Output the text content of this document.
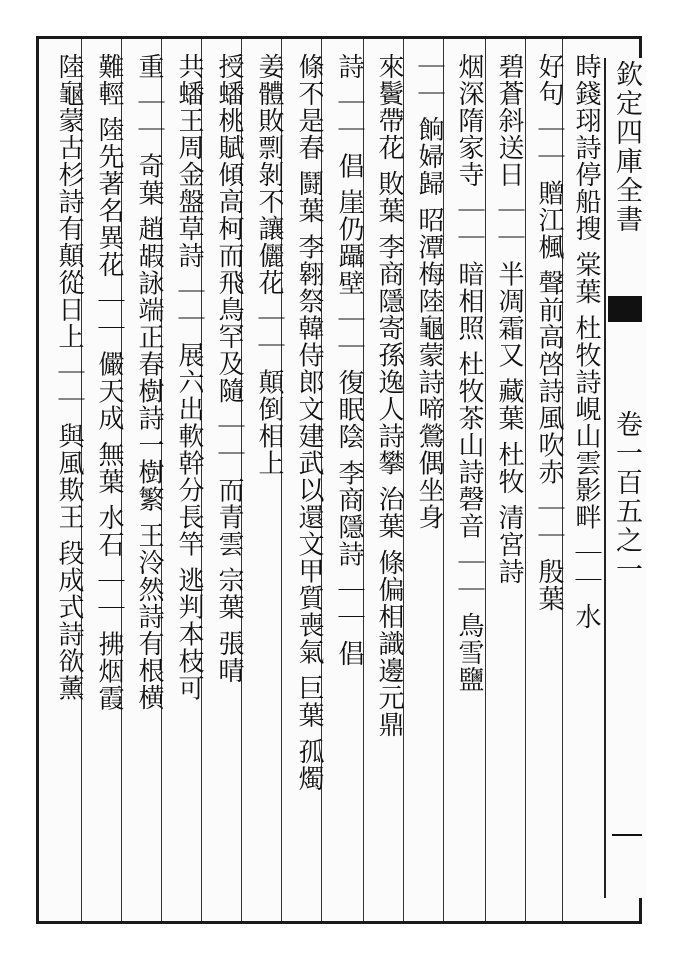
時錢珝詩停船搜 棠葉 杜牧詩峴山雲影畔 ｜｜ 水
好句 ｜｜ 贈江楓 聲前高啓詩風吹赤 ｜｜ 殷葉
碧蒼斜送日 ｜｜ 半凋霜又 藏葉 杜牧 清宮詩
烟深隋家寺 ｜｜ 暗相照 杜牧茶山詩磬音 ｜｜ 鳥雪鹽
｜｜ 餉婦歸 昭潭梅陸龜蒙詩啼鶯偶坐身
來鬢帶花 敗葉 李商隱寄孫逸人詩攀 治葉 條偏相識邊元鼎
詩 ｜｜ 倡 崖仍躡壁 ｜｜ 復眠陰 李商隱詩 ｜｜ 倡
條不是春 鬪葉 李翱祭韓侍郎文建武以還文甲質喪氣 巨葉 孤燭
姜體敗剽剝不讓儷花 ｜｜ 顛倒相上
授蟠桃賦傾高柯而飛鳥罕及隨 ｜｜ 而青雲 宗葉 張晴
共蟠王周金盤草詩 ｜｜ 展六出軟幹分長竿 逃判本枝可
重 ｜｜ 奇葉 趙嘏詠端正春樹詩一樹繁 王泠然詩有根横
難輕 陸先著名異花 ｜｜ 儼天成 無葉 水石 ｜｜ 拂烟霞
陸龜蒙古杉詩有顛從日上 ｜｜ 與風欺王 段成式詩欲薰	欽定四庫全書
卷一百五之一
